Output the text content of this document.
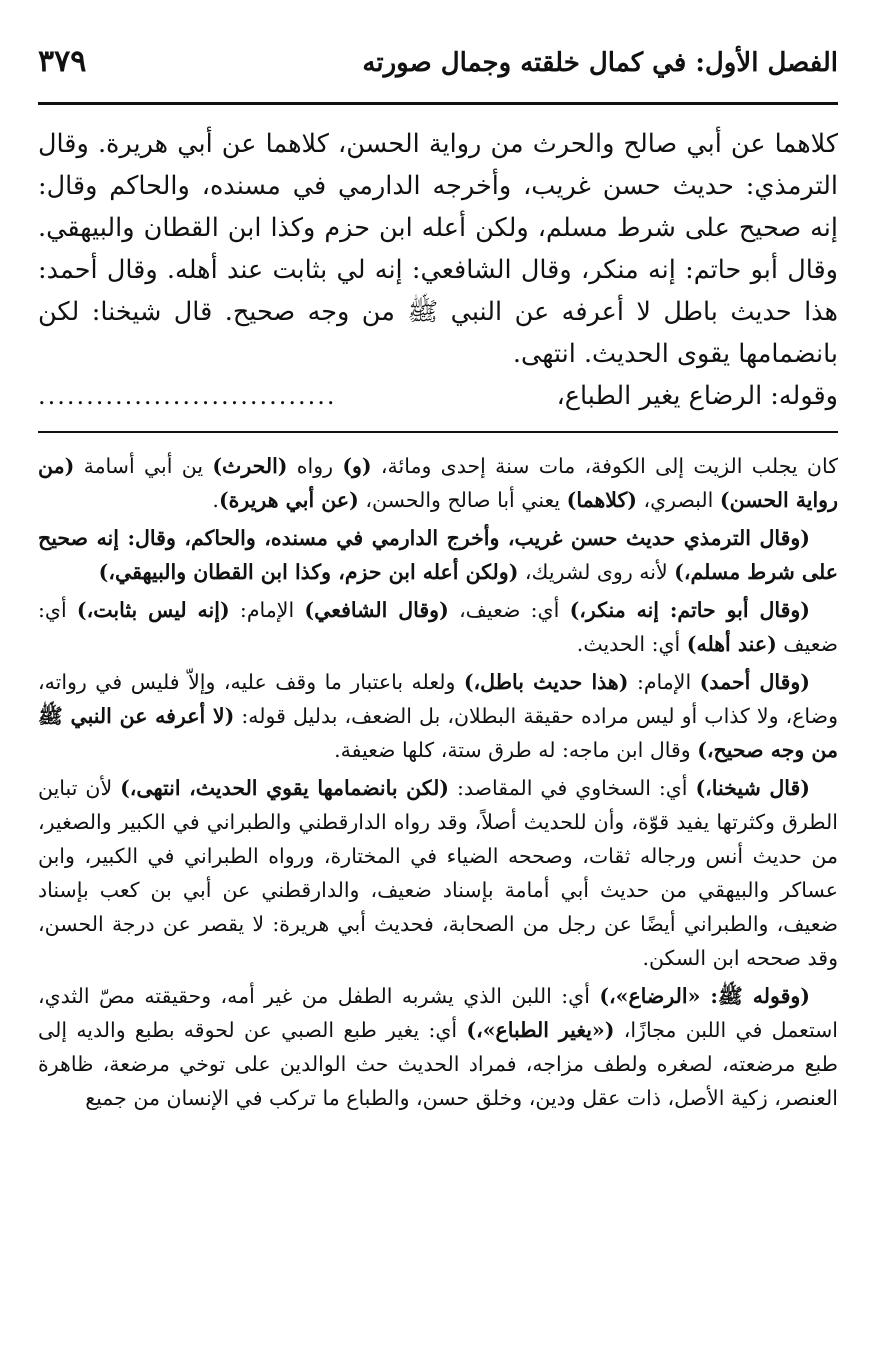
الفصل الأول: في كمال خلقته وجمال صورته
٣٧٩

كلاهما عن أبي صالح والحرث من رواية الحسن، كلاهما عن أبي هريرة. وقال الترمذي: حديث حسن غريب، وأخرجه الدارمي في مسنده، والحاكم وقال: إنه صحيح على شرط مسلم، ولكن أعله ابن حزم وكذا ابن القطان والبيهقي. وقال أبو حاتم: إنه منكر، وقال الشافعي: إنه لي بثابت عند أهله. وقال أحمد: هذا حديث باطل لا أعرفه عن النبي ﷺ من وجه صحيح. قال شيخنا: لكن بانضمامها يقوى الحديث. انتهى.

وقوله: الرضاع يغير الطباع،
...............................

كان يجلب الزيت إلى الكوفة، مات سنة إحدى ومائة، (و) رواه (الحرث) ين أبي أسامة (من رواية الحسن) البصري، (كلاهما) يعني أبا صالح والحسن، (عن أبي هريرة).

(وقال الترمذي حديث حسن غريب، وأخرج الدارمي في مسنده، والحاكم، وقال: إنه صحيح على شرط مسلم،) لأنه روى لشريك، (ولكن أعله ابن حزم، وكذا ابن القطان والبيهقي،)

(وقال أبو حاتم: إنه منكر،) أي: ضعيف، (وقال الشافعي) الإمام: (إنه ليس بثابت،) أي: ضعيف (عند أهله) أي: الحديث.

(وقال أحمد) الإمام: (هذا حديث باطل،) ولعله باعتبار ما وقف عليه، وإلاّ فليس في رواته، وضاع، ولا كذاب أو ليس مراده حقيقة البطلان، بل الضعف، بدليل قوله: (لا أعرفه عن النبي ﷺ من وجه صحيح،) وقال ابن ماجه: له طرق ستة، كلها ضعيفة.

(قال شيخنا،) أي: السخاوي في المقاصد: (لكن بانضمامها يقوي الحديث، انتهى،) لأن تباين الطرق وكثرتها يفيد قوّة، وأن للحديث أصلاً، وقد رواه الدارقطني والطبراني في الكبير والصغير، من حديث أنس ورجاله ثقات، وصححه الضياء في المختارة، ورواه الطبراني في الكبير، وابن عساكر والبيهقي من حديث أبي أمامة بإسناد ضعيف، والدارقطني عن أبي بن كعب بإسناد ضعيف، والطبراني أيضًا عن رجل من الصحابة، فحديث أبي هريرة: لا يقصر عن درجة الحسن، وقد صححه ابن السكن.

(وقوله ﷺ: «الرضاع»،) أي: اللبن الذي يشربه الطفل من غير أمه، وحقيقته مصّ الثدي، استعمل في اللبن مجازًا، («يغير الطباع»،) أي: يغير طبع الصبي عن لحوقه بطبع والديه إلى طبع مرضعته، لصغره ولطف مزاجه، فمراد الحديث حث الوالدين على توخي مرضعة، ظاهرة العنصر، زكية الأصل، ذات عقل ودين، وخلق حسن، والطباع ما تركب في الإنسان من جميع
